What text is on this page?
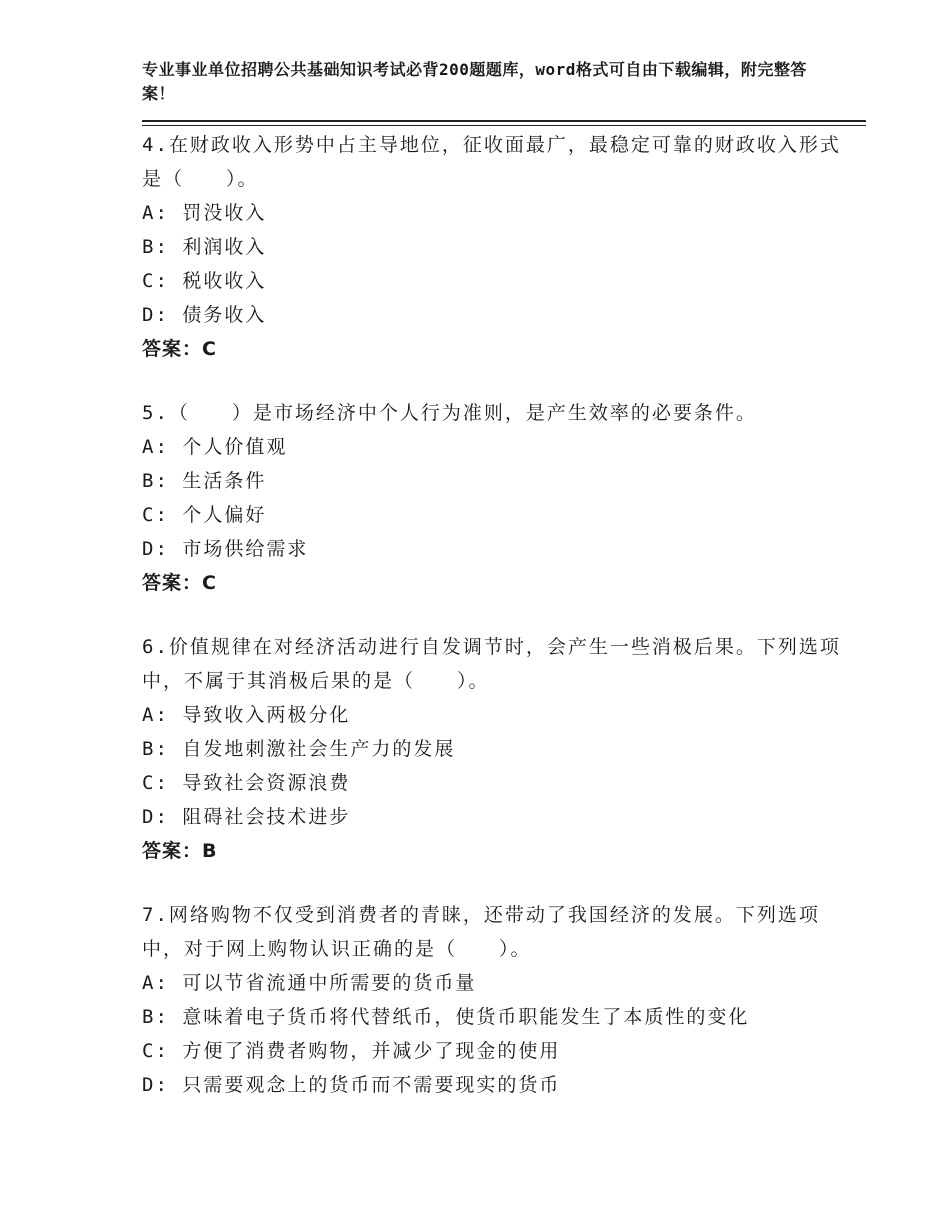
专业事业单位招聘公共基础知识考试必背200题题库，word格式可自由下载编辑，附完整答案！

4.在财政收入形势中占主导地位，征收面最广，最稳定可靠的财政收入形式是（　　）。

A: 罚没收入

B: 利润收入

C: 税收收入

D: 债务收入

答案：C

5.（　　）是市场经济中个人行为准则，是产生效率的必要条件。

A: 个人价值观

B: 生活条件

C: 个人偏好

D: 市场供给需求

答案：C

6.价值规律在对经济活动进行自发调节时，会产生一些消极后果。下列选项中，不属于其消极后果的是（　　）。

A: 导致收入两极分化

B: 自发地刺激社会生产力的发展

C: 导致社会资源浪费

D: 阻碍社会技术进步

答案：B

7.网络购物不仅受到消费者的青睐，还带动了我国经济的发展。下列选项中，对于网上购物认识正确的是（　　）。

A: 可以节省流通中所需要的货币量

B: 意味着电子货币将代替纸币，使货币职能发生了本质性的变化

C: 方便了消费者购物，并减少了现金的使用

D: 只需要观念上的货币而不需要现实的货币
